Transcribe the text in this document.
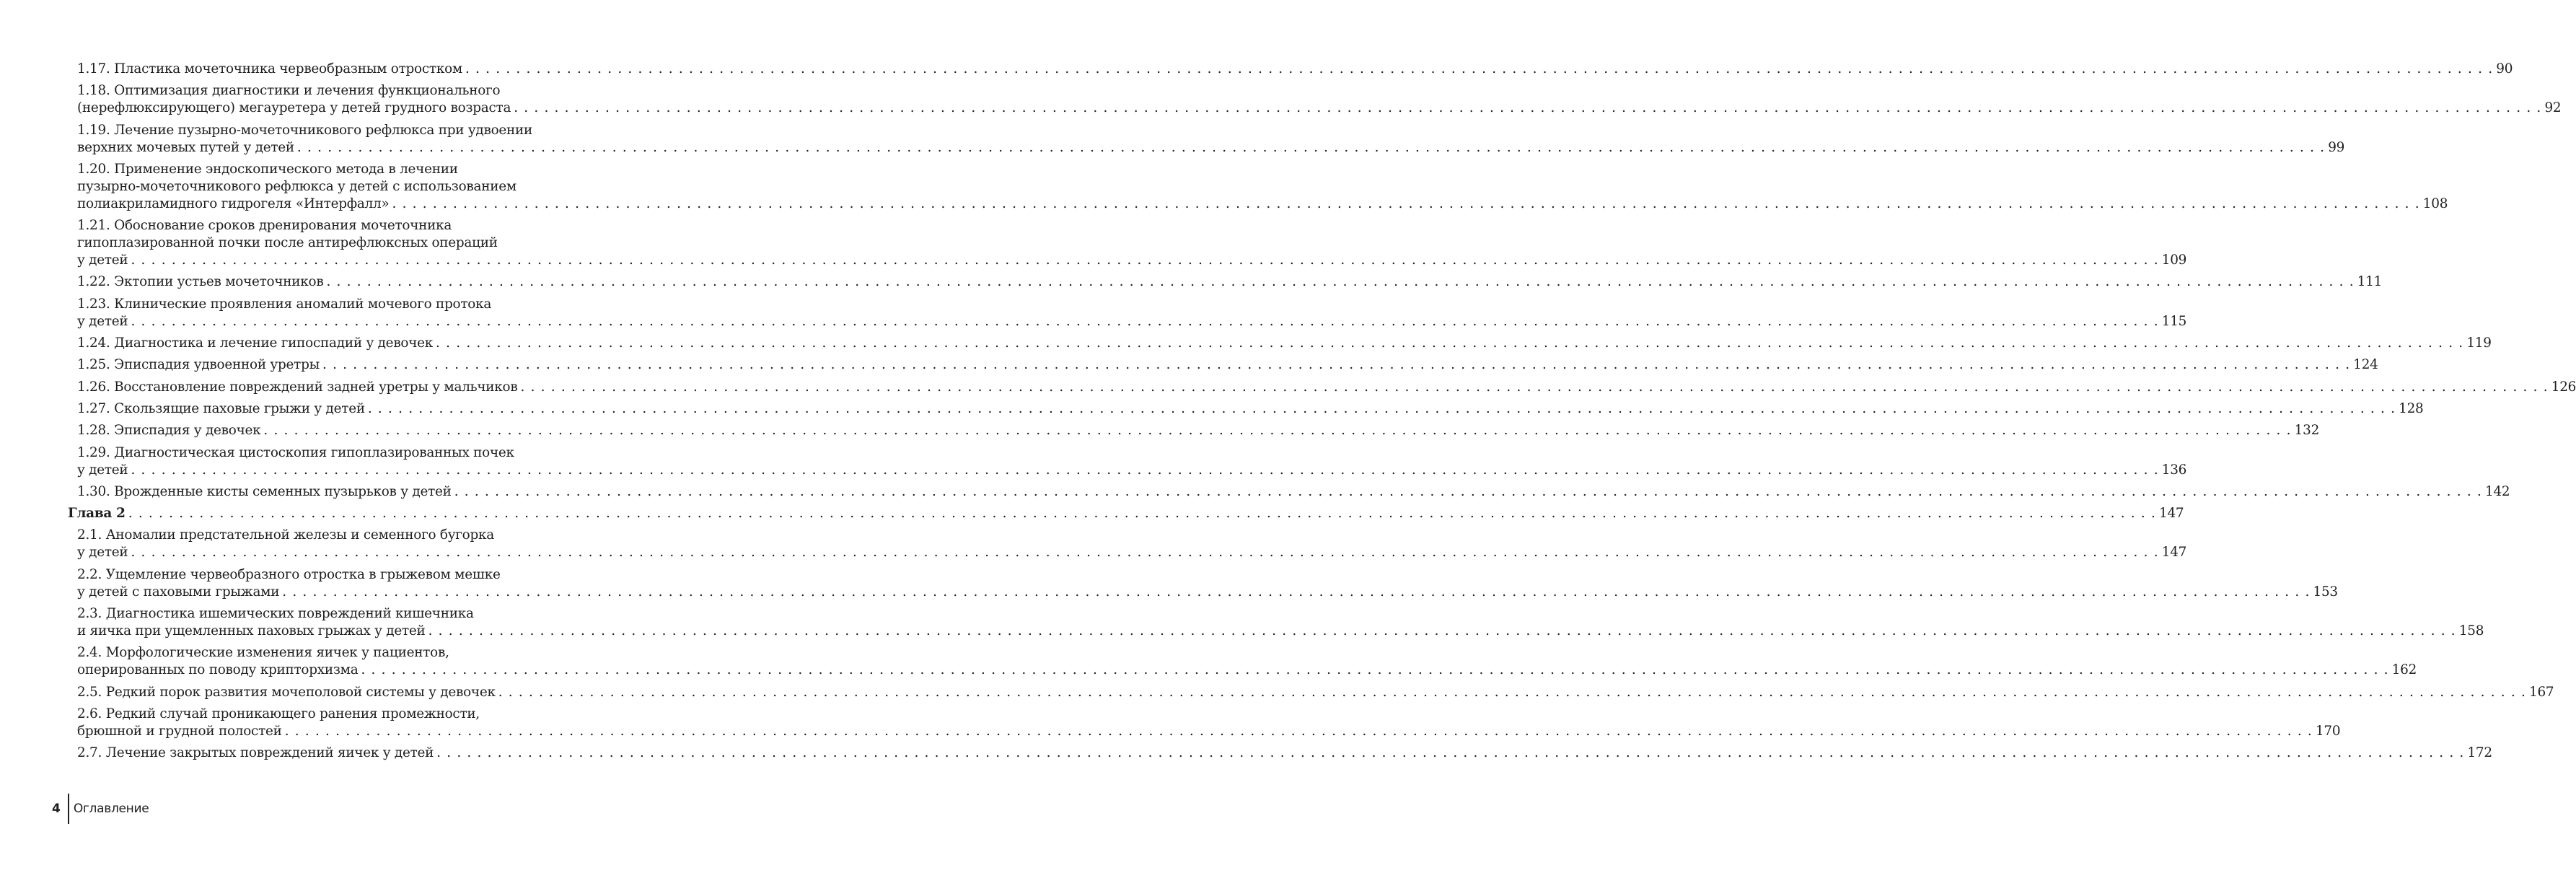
1.17. Пластика мочеточника червеобразным отростком . . . . . . . . . . . . . . . . . . . . . . . . . . . . . . . . . . . . . . . . . . . . . . . . . . . . . . . . . . . . . . . . . . . . . . . . . . . . . . . . . . . . . . . . . . . . . . . . . . . . . . . . . . . . . . . . . . . . . . . . . . . . . . . . . . . . . . . . . . . . . . . . . . . . . . . . . . . . . . . . . . . . . . . . . . . . . . . . . . . . . . . . . . . . . . . . . . . . . . . . 90
1.18. Оптимизация диагностики и лечения функционального
(нерефлюксирующего) мегауретера у детей грудного возраста . . . . . . . . . . . . . . . . . . . . . . . . . . . . . . . . . . . . . . . . . . . . . . . . . . . . . . . . . . . . . . . . . . . . . . . . . . . . . . . . . . . . . . . . . . . . . . . . . . . . . . . . . . . . . . . . . . . . . . . . . . . . . . . . . . . . . . . . . . . . . . . . . . . . . . . . . . . . . . . . . . . . . . . . . . . . . . . . . . . . . . . . . . . . . . . . . . . . . . . . 92
1.19. Лечение пузырно-мочеточникового рефлюкса при удвоении
верхних мочевых путей у детей . . . . . . . . . . . . . . . . . . . . . . . . . . . . . . . . . . . . . . . . . . . . . . . . . . . . . . . . . . . . . . . . . . . . . . . . . . . . . . . . . . . . . . . . . . . . . . . . . . . . . . . . . . . . . . . . . . . . . . . . . . . . . . . . . . . . . . . . . . . . . . . . . . . . . . . . . . . . . . . . . . . . . . . . . . . . . . . . . . . . . . . . . . . . . . . . . . . . . . . . 99
1.20. Применение эндоскопического метода в лечении
пузырно-мочеточникового рефлюкса у детей с использованием
полиакриламидного гидрогеля «Интерфалл» . . . . . . . . . . . . . . . . . . . . . . . . . . . . . . . . . . . . . . . . . . . . . . . . . . . . . . . . . . . . . . . . . . . . . . . . . . . . . . . . . . . . . . . . . . . . . . . . . . . . . . . . . . . . . . . . . . . . . . . . . . . . . . . . . . . . . . . . . . . . . . . . . . . . . . . . . . . . . . . . . . . . . . . . . . . . . . . . . . . . . . . . . . . . . . . . . . . . . . . . 108
1.21. Обоснование сроков дренирования мочеточника
гипоплазированной почки после антирефлюксных операций
у детей . . . . . . . . . . . . . . . . . . . . . . . . . . . . . . . . . . . . . . . . . . . . . . . . . . . . . . . . . . . . . . . . . . . . . . . . . . . . . . . . . . . . . . . . . . . . . . . . . . . . . . . . . . . . . . . . . . . . . . . . . . . . . . . . . . . . . . . . . . . . . . . . . . . . . . . . . . . . . . . . . . . . . . . . . . . . . . . . . . . . . . . . . . . . . . . . . . . . . . . . 109
1.22. Эктопии устьев мочеточников . . . . . . . . . . . . . . . . . . . . . . . . . . . . . . . . . . . . . . . . . . . . . . . . . . . . . . . . . . . . . . . . . . . . . . . . . . . . . . . . . . . . . . . . . . . . . . . . . . . . . . . . . . . . . . . . . . . . . . . . . . . . . . . . . . . . . . . . . . . . . . . . . . . . . . . . . . . . . . . . . . . . . . . . . . . . . . . . . . . . . . . . . . . . . . . . . . . . . . . . 111
1.23. Клинические проявления аномалий мочевого протока
у детей . . . . . . . . . . . . . . . . . . . . . . . . . . . . . . . . . . . . . . . . . . . . . . . . . . . . . . . . . . . . . . . . . . . . . . . . . . . . . . . . . . . . . . . . . . . . . . . . . . . . . . . . . . . . . . . . . . . . . . . . . . . . . . . . . . . . . . . . . . . . . . . . . . . . . . . . . . . . . . . . . . . . . . . . . . . . . . . . . . . . . . . . . . . . . . . . . . . . . . . . 115
1.24. Диагностика и лечение гипоспадий у девочек . . . . . . . . . . . . . . . . . . . . . . . . . . . . . . . . . . . . . . . . . . . . . . . . . . . . . . . . . . . . . . . . . . . . . . . . . . . . . . . . . . . . . . . . . . . . . . . . . . . . . . . . . . . . . . . . . . . . . . . . . . . . . . . . . . . . . . . . . . . . . . . . . . . . . . . . . . . . . . . . . . . . . . . . . . . . . . . . . . . . . . . . . . . . . . . . . . . . . . . . 119
1.25. Эписпадия удвоенной уретры . . . . . . . . . . . . . . . . . . . . . . . . . . . . . . . . . . . . . . . . . . . . . . . . . . . . . . . . . . . . . . . . . . . . . . . . . . . . . . . . . . . . . . . . . . . . . . . . . . . . . . . . . . . . . . . . . . . . . . . . . . . . . . . . . . . . . . . . . . . . . . . . . . . . . . . . . . . . . . . . . . . . . . . . . . . . . . . . . . . . . . . . . . . . . . . . . . . . . . . . 124
1.26. Восстановление повреждений задней уретры у мальчиков . . . . . . . . . . . . . . . . . . . . . . . . . . . . . . . . . . . . . . . . . . . . . . . . . . . . . . . . . . . . . . . . . . . . . . . . . . . . . . . . . . . . . . . . . . . . . . . . . . . . . . . . . . . . . . . . . . . . . . . . . . . . . . . . . . . . . . . . . . . . . . . . . . . . . . . . . . . . . . . . . . . . . . . . . . . . . . . . . . . . . . . . . . . . . . . . . . . . . . . . 126
1.27. Скользящие паховые грыжи у детей . . . . . . . . . . . . . . . . . . . . . . . . . . . . . . . . . . . . . . . . . . . . . . . . . . . . . . . . . . . . . . . . . . . . . . . . . . . . . . . . . . . . . . . . . . . . . . . . . . . . . . . . . . . . . . . . . . . . . . . . . . . . . . . . . . . . . . . . . . . . . . . . . . . . . . . . . . . . . . . . . . . . . . . . . . . . . . . . . . . . . . . . . . . . . . . . . . . . . . . . 128
1.28. Эписпадия у девочек . . . . . . . . . . . . . . . . . . . . . . . . . . . . . . . . . . . . . . . . . . . . . . . . . . . . . . . . . . . . . . . . . . . . . . . . . . . . . . . . . . . . . . . . . . . . . . . . . . . . . . . . . . . . . . . . . . . . . . . . . . . . . . . . . . . . . . . . . . . . . . . . . . . . . . . . . . . . . . . . . . . . . . . . . . . . . . . . . . . . . . . . . . . . . . . . . . . . . . . . 132
1.29. Диагностическая цистоскопия гипоплазированных почек
у детей . . . . . . . . . . . . . . . . . . . . . . . . . . . . . . . . . . . . . . . . . . . . . . . . . . . . . . . . . . . . . . . . . . . . . . . . . . . . . . . . . . . . . . . . . . . . . . . . . . . . . . . . . . . . . . . . . . . . . . . . . . . . . . . . . . . . . . . . . . . . . . . . . . . . . . . . . . . . . . . . . . . . . . . . . . . . . . . . . . . . . . . . . . . . . . . . . . . . . . . . 136
1.30. Врожденные кисты семенных пузырьков у детей . . . . . . . . . . . . . . . . . . . . . . . . . . . . . . . . . . . . . . . . . . . . . . . . . . . . . . . . . . . . . . . . . . . . . . . . . . . . . . . . . . . . . . . . . . . . . . . . . . . . . . . . . . . . . . . . . . . . . . . . . . . . . . . . . . . . . . . . . . . . . . . . . . . . . . . . . . . . . . . . . . . . . . . . . . . . . . . . . . . . . . . . . . . . . . . . . . . . . . . . 142
Глава 2 . . . . . . . . . . . . . . . . . . . . . . . . . . . . . . . . . . . . . . . . . . . . . . . . . . . . . . . . . . . . . . . . . . . . . . . . . . . . . . . . . . . . . . . . . . . . . . . . . . . . . . . . . . . . . . . . . . . . . . . . . . . . . . . . . . . . . . . . . . . . . . . . . . . . . . . . . . . . . . . . . . . . . . . . . . . . . . . . . . . . . . . . . . . . . . . . . . . . . . . . 147
2.1. Аномалии предстательной железы и семенного бугорка
у детей . . . . . . . . . . . . . . . . . . . . . . . . . . . . . . . . . . . . . . . . . . . . . . . . . . . . . . . . . . . . . . . . . . . . . . . . . . . . . . . . . . . . . . . . . . . . . . . . . . . . . . . . . . . . . . . . . . . . . . . . . . . . . . . . . . . . . . . . . . . . . . . . . . . . . . . . . . . . . . . . . . . . . . . . . . . . . . . . . . . . . . . . . . . . . . . . . . . . . . . . 147
2.2. Ущемление червеобразного отростка в грыжевом мешке
у детей с паховыми грыжами . . . . . . . . . . . . . . . . . . . . . . . . . . . . . . . . . . . . . . . . . . . . . . . . . . . . . . . . . . . . . . . . . . . . . . . . . . . . . . . . . . . . . . . . . . . . . . . . . . . . . . . . . . . . . . . . . . . . . . . . . . . . . . . . . . . . . . . . . . . . . . . . . . . . . . . . . . . . . . . . . . . . . . . . . . . . . . . . . . . . . . . . . . . . . . . . . . . . . . . . 153
2.3. Диагностика ишемических повреждений кишечника
и яичка при ущемленных паховых грыжах у детей . . . . . . . . . . . . . . . . . . . . . . . . . . . . . . . . . . . . . . . . . . . . . . . . . . . . . . . . . . . . . . . . . . . . . . . . . . . . . . . . . . . . . . . . . . . . . . . . . . . . . . . . . . . . . . . . . . . . . . . . . . . . . . . . . . . . . . . . . . . . . . . . . . . . . . . . . . . . . . . . . . . . . . . . . . . . . . . . . . . . . . . . . . . . . . . . . . . . . . . . 158
2.4. Морфологические изменения яичек у пациентов,
оперированных по поводу крипторхизма . . . . . . . . . . . . . . . . . . . . . . . . . . . . . . . . . . . . . . . . . . . . . . . . . . . . . . . . . . . . . . . . . . . . . . . . . . . . . . . . . . . . . . . . . . . . . . . . . . . . . . . . . . . . . . . . . . . . . . . . . . . . . . . . . . . . . . . . . . . . . . . . . . . . . . . . . . . . . . . . . . . . . . . . . . . . . . . . . . . . . . . . . . . . . . . . . . . . . . . . 162
2.5. Редкий порок развития мочеполовой системы у девочек . . . . . . . . . . . . . . . . . . . . . . . . . . . . . . . . . . . . . . . . . . . . . . . . . . . . . . . . . . . . . . . . . . . . . . . . . . . . . . . . . . . . . . . . . . . . . . . . . . . . . . . . . . . . . . . . . . . . . . . . . . . . . . . . . . . . . . . . . . . . . . . . . . . . . . . . . . . . . . . . . . . . . . . . . . . . . . . . . . . . . . . . . . . . . . . . . . . . . . . . 167
2.6. Редкий случай проникающего ранения промежности,
брюшной и грудной полостей . . . . . . . . . . . . . . . . . . . . . . . . . . . . . . . . . . . . . . . . . . . . . . . . . . . . . . . . . . . . . . . . . . . . . . . . . . . . . . . . . . . . . . . . . . . . . . . . . . . . . . . . . . . . . . . . . . . . . . . . . . . . . . . . . . . . . . . . . . . . . . . . . . . . . . . . . . . . . . . . . . . . . . . . . . . . . . . . . . . . . . . . . . . . . . . . . . . . . . . . 170
2.7. Лечение закрытых повреждений яичек у детей . . . . . . . . . . . . . . . . . . . . . . . . . . . . . . . . . . . . . . . . . . . . . . . . . . . . . . . . . . . . . . . . . . . . . . . . . . . . . . . . . . . . . . . . . . . . . . . . . . . . . . . . . . . . . . . . . . . . . . . . . . . . . . . . . . . . . . . . . . . . . . . . . . . . . . . . . . . . . . . . . . . . . . . . . . . . . . . . . . . . . . . . . . . . . . . . . . . . . . . . 172
4 Оглавление
